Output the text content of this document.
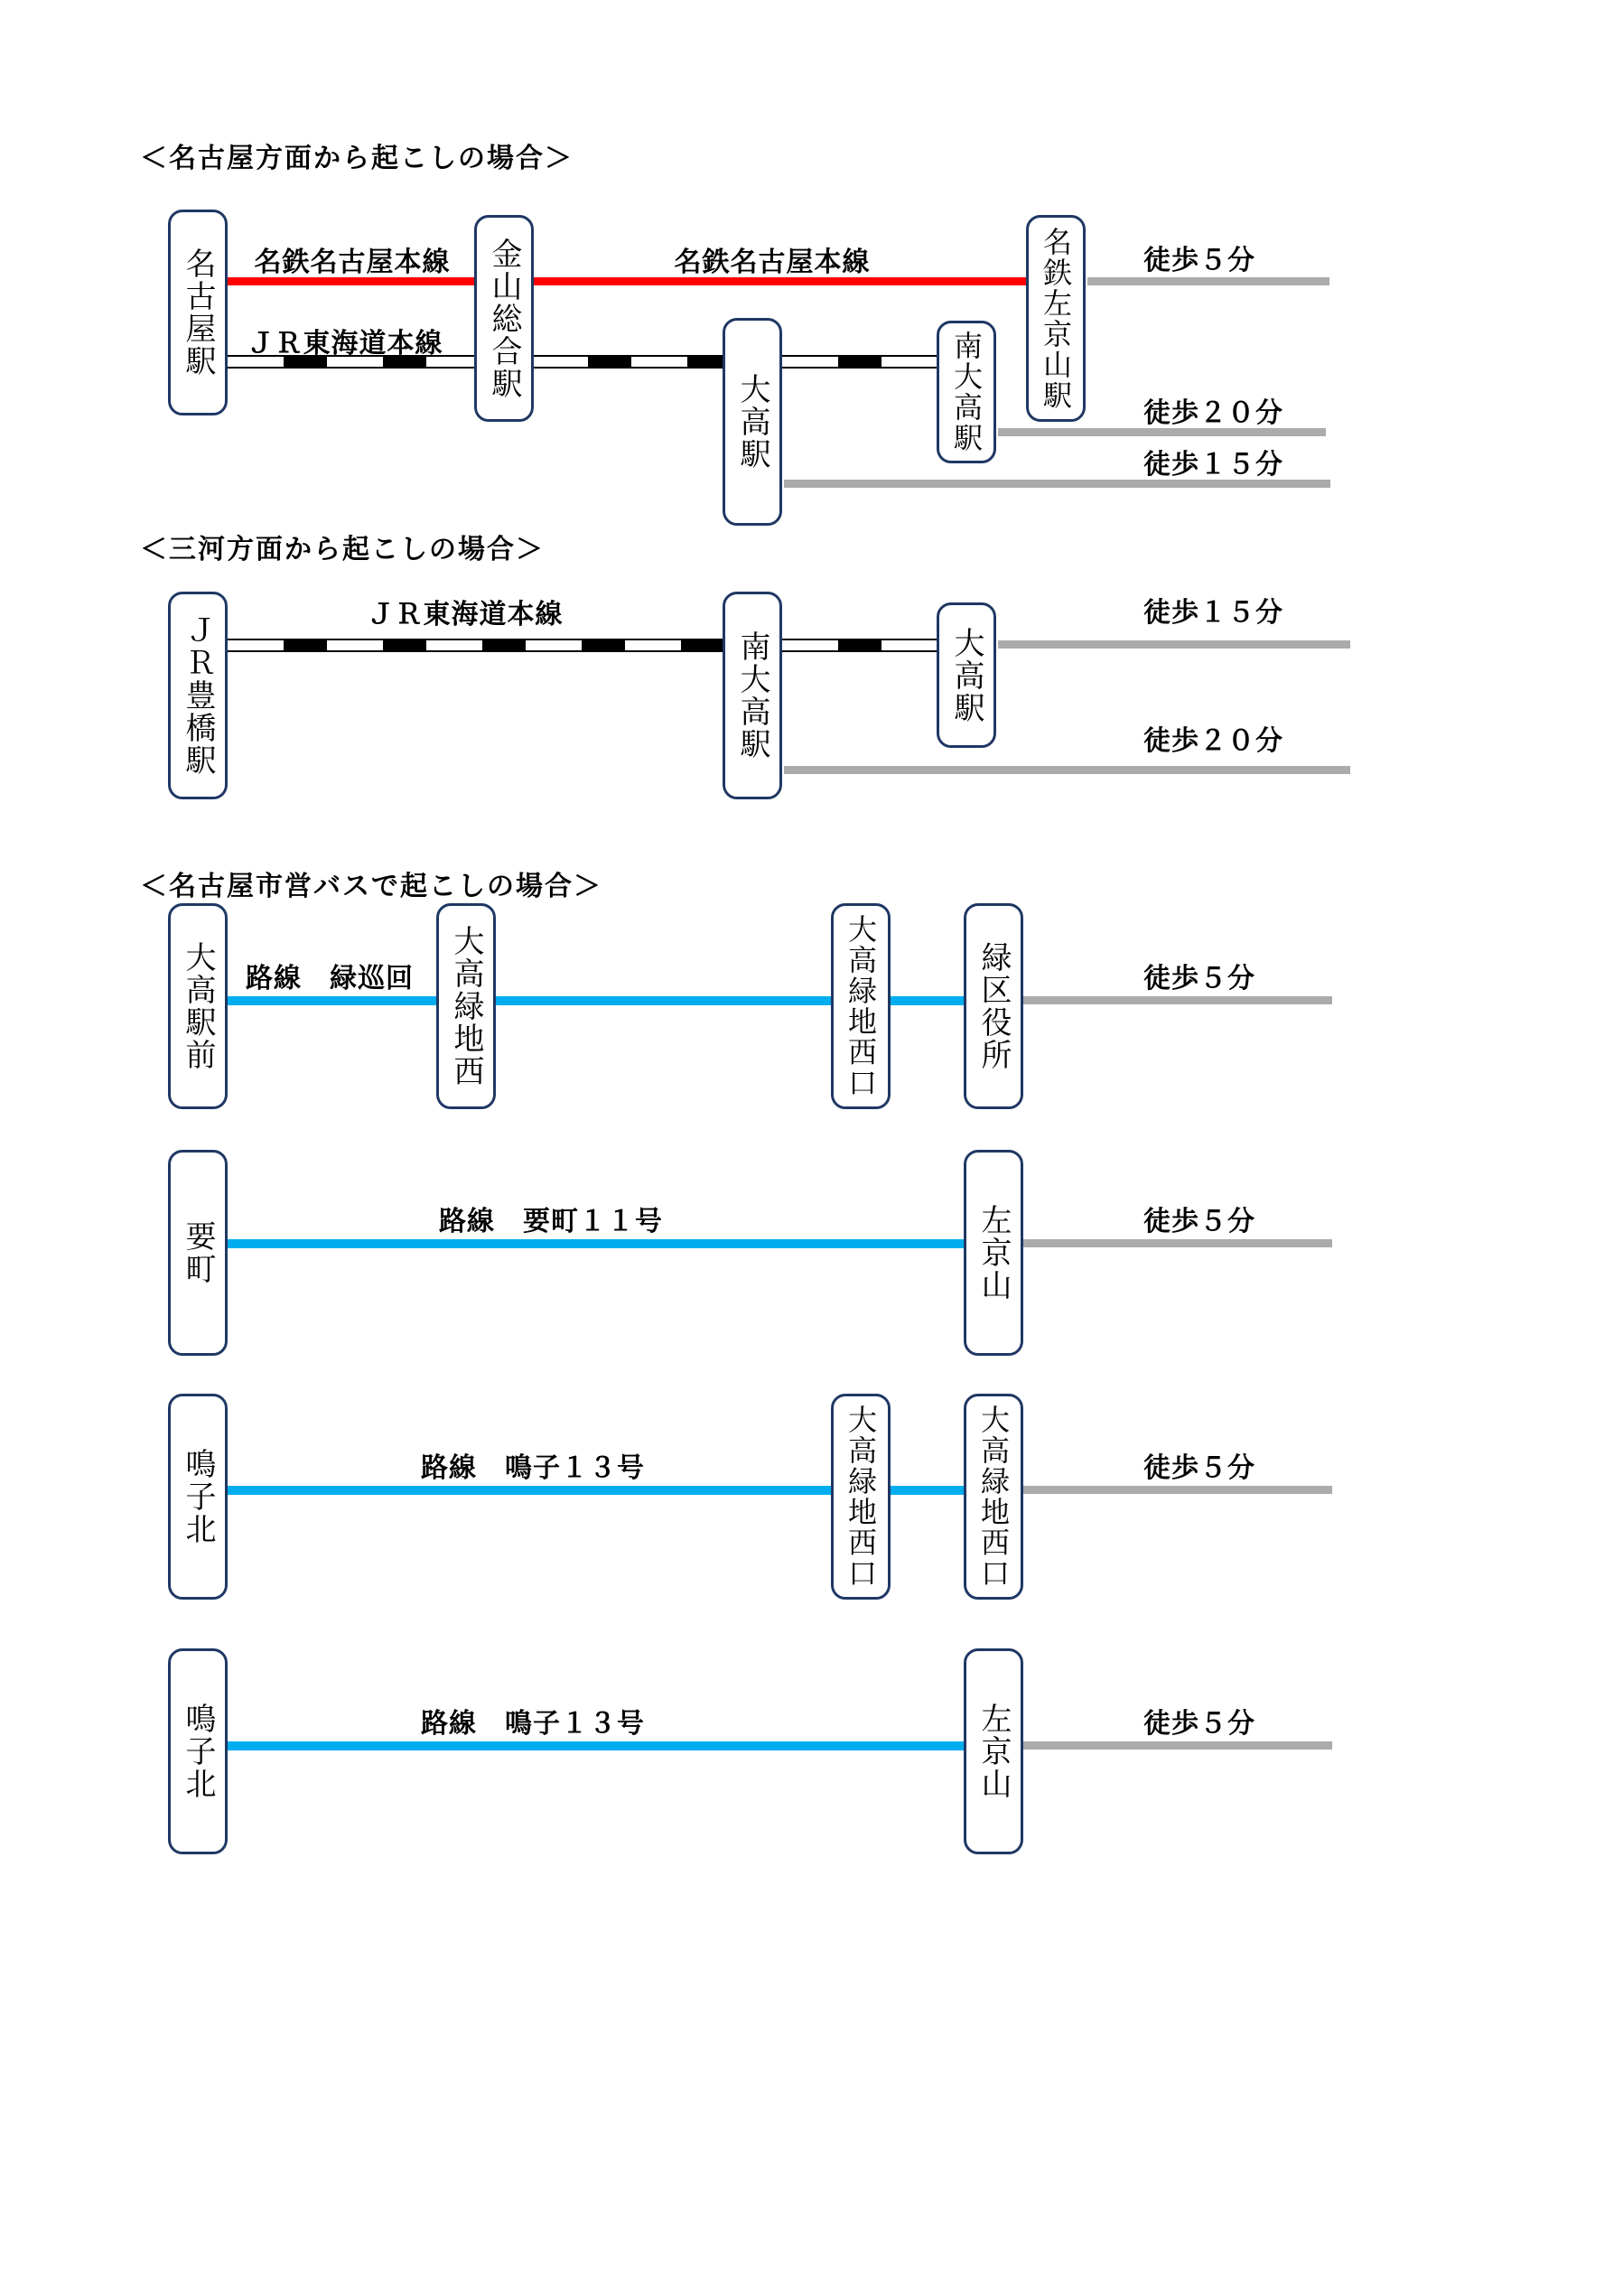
＜名古屋方面から起こしの場合＞
名鉄名古屋本線	名鉄名古屋本線
ＪＲ東海道本線
徒歩５分
徒歩２０分
徒歩１５分
名古屋駅	金山総合駅
大高駅	南大高駅	名鉄左京山駅
＜三河方面から起こしの場合＞
ＪＲ東海道本線	徒歩１５分
徒歩２０分
ＪＲ豊橋駅	南大高駅	大高駅
＜名古屋市営バスで起こしの場合＞
路線　緑巡回	徒歩５分
大高駅前	大高緑地西	大高緑地西口	緑区役所
路線　要町１１号	徒歩５分
要町	左京山
路線　鳴子１３号	徒歩５分
鳴子北	大高緑地西口	大高緑地西口
路線　鳴子１３号	徒歩５分
鳴子北	左京山
